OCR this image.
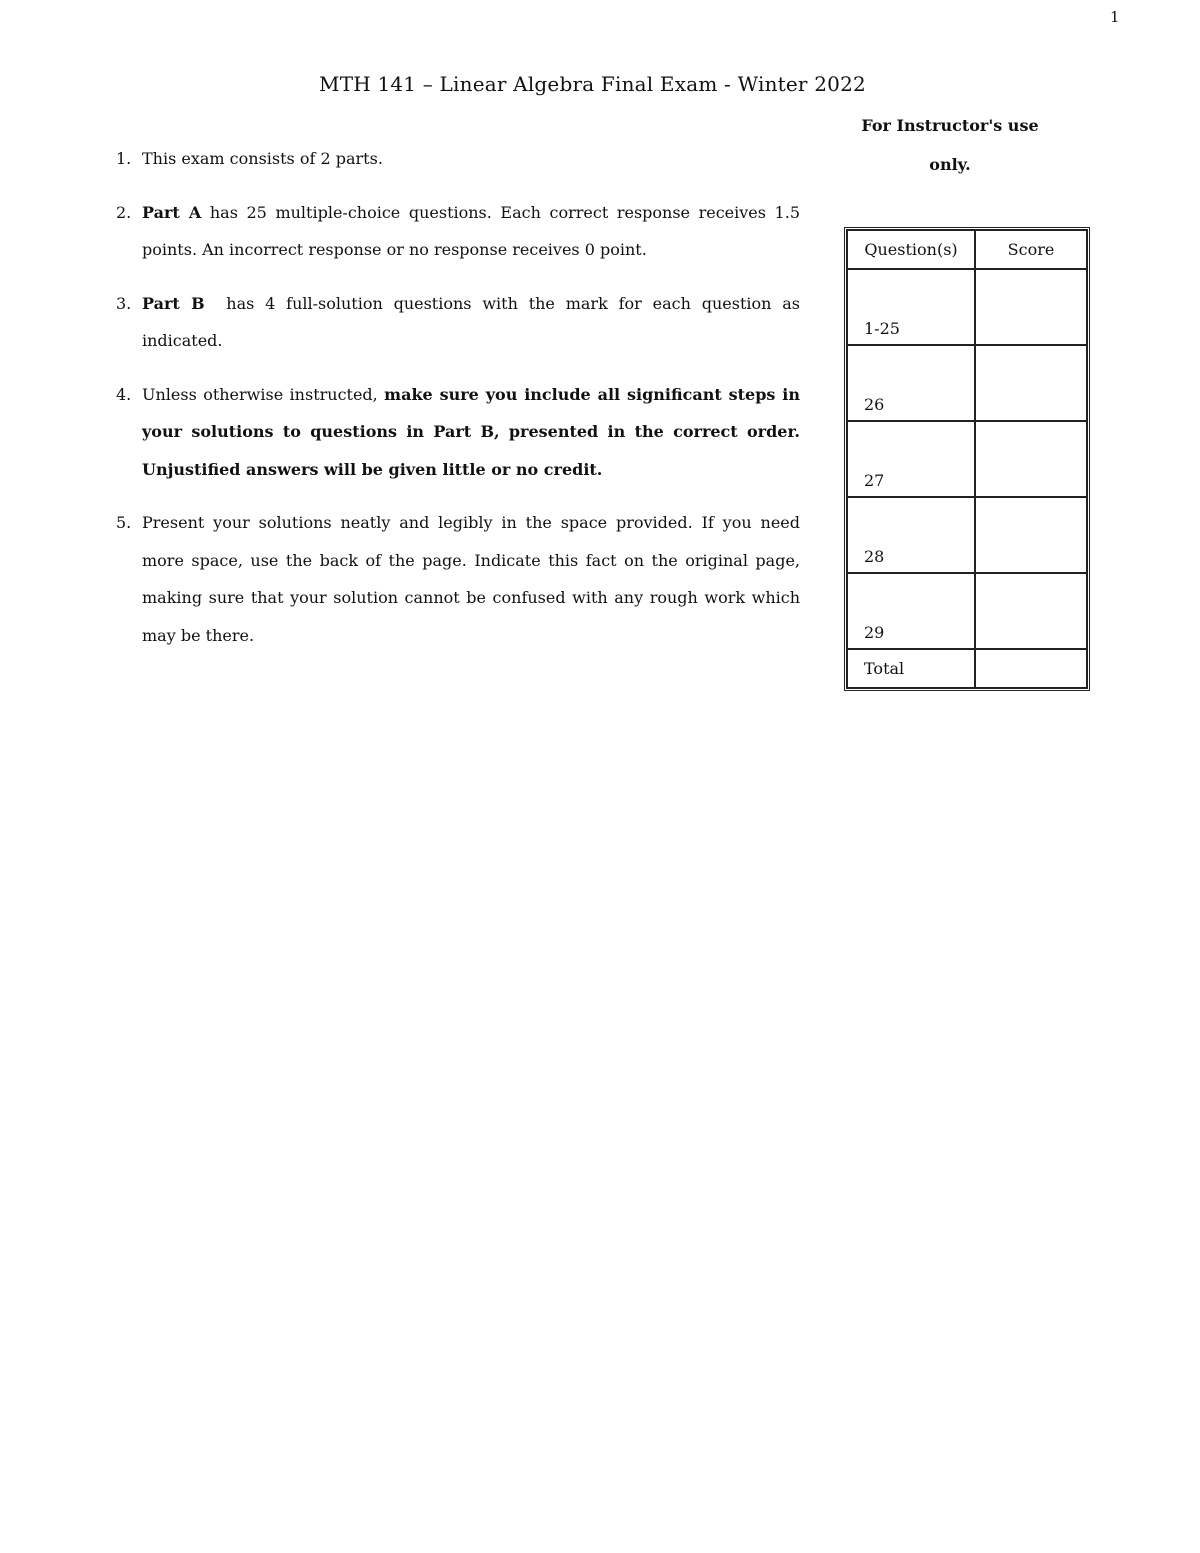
1
MTH 141 – Linear Algebra Final Exam - Winter 2022
For Instructor's use only.
1. This exam consists of 2 parts.
2. Part A has 25 multiple-choice questions. Each correct response receives 1.5 points. An incorrect response or no response receives 0 point.
3. Part B  has 4 full-solution questions with the mark for each question as indicated.
4. Unless otherwise instructed, make sure you include all significant steps in your solutions to questions in Part B, presented in the correct order. Unjustified answers will be given little or no credit.
5. Present your solutions neatly and legibly in the space provided. If you need more space, use the back of the page. Indicate this fact on the original page, making sure that your solution cannot be confused with any rough work which may be there.
Question(s)	Score

1-25	

26	

27	

28	

29	

Total	
